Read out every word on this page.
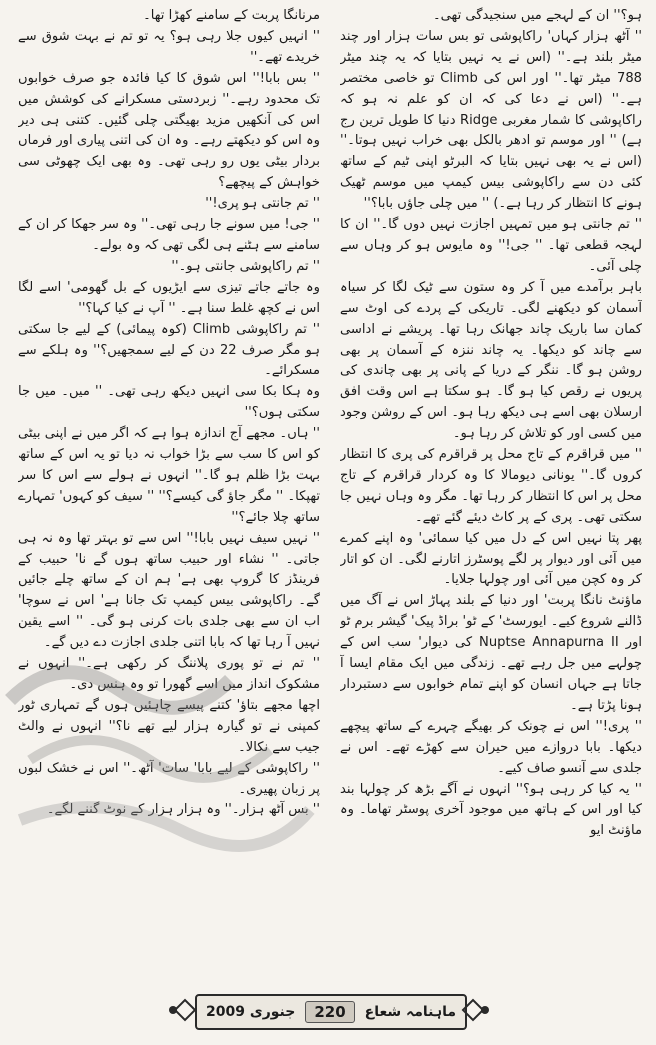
ہو؟'' ان کے لہجے میں سنجیدگی تھی۔

'' آٹھ ہزار کہاں' راکاپوشی تو بس سات ہزار اور چند میٹر بلند ہے۔'' (اس نے یہ نہیں بتایا کہ یہ چند میٹر 788 میٹر تھا۔'' اور اس کی Climb تو خاصی مختصر ہے۔'' (اس نے دعا کی کہ ان کو علم نہ ہو کہ راکاپوشی کا شمار مغربی Ridge دنیا کا طویل ترین رج ہے) '' اور موسم تو ادھر بالکل بھی خراب نہیں ہوتا۔'' (اس نے یہ بھی نہیں بتایا کہ البرٹو اپنی ٹیم کے ساتھ کئی دن سے راکاپوشی بیس کیمپ میں موسم ٹھیک ہونے کا انتظار کر رہا ہے۔) '' میں چلی جاؤں بابا؟''

'' تم جانتی ہو میں تمہیں اجازت نہیں دوں گا۔'' ان کا لہجہ قطعی تھا۔ '' جی!'' وہ مایوس ہو کر وہاں سے چلی آئی۔

باہر برآمدے میں آ کر وہ ستون سے ٹیک لگا کر سیاہ آسمان کو دیکھنے لگی۔ تاریکی کے پردے کی اوٹ سے کمان سا باریک چاند جھانک رہا تھا۔ پریشے نے اداسی سے چاند کو دیکھا۔ یہ چاند ننزہ کے آسمان پر بھی روشن ہو گا۔ ننگر کے دریا کے پانی پر بھی چاندی کی پریوں نے رقص کیا ہو گا۔ ہو سکتا ہے اس وقت افق ارسلان بھی اسے ہی دیکھ رہا ہو۔ اس کے روشن وجود میں کسی اور کو تلاش کر رہا ہو۔

'' میں قراقرم کے تاج محل پر قراقرم کی پری کا انتظار کروں گا۔'' یونانی دیومالا کا وہ کردار قراقرم کے تاج محل پر اس کا انتظار کر رہا تھا۔ مگر وہ وہاں نہیں جا سکتی تھی۔ پری کے پر کاٹ دیئے گئے تھے۔

پھر پتا نہیں اس کے دل میں کیا سمائی' وہ اپنے کمرے میں آئی اور دیوار پر لگے پوسٹرز اتارنے لگی۔ ان کو اتار کر وہ کچن میں آئی اور چولہا جلایا۔

ماؤنٹ نانگا پربت' اور دنیا کے بلند پہاڑ اس نے آگ میں ڈالنے شروع کیے۔ ایورسٹ' کے ٹو' براڈ پیک' گیشر برم ٹو اور Nuptse Annapurna II کی دیوار' سب اس کے چولہے میں جل رہے تھے۔ زندگی میں ایک مقام ایسا آ جاتا ہے جہاں انسان کو اپنے تمام خوابوں سے دستبردار ہونا پڑتا ہے۔

'' پری!'' اس نے چونک کر بھیگے چہرے کے ساتھ پیچھے دیکھا۔ بابا دروازے میں حیران سے کھڑے تھے۔ اس نے جلدی سے آنسو صاف کیے۔

'' یہ کیا کر رہی ہو؟'' انہوں نے آگے بڑھ کر چولہا بند کیا اور اس کے ہاتھ میں موجود آخری پوسٹر تھاما۔ وہ ماؤنٹ ایو

مرنانگا پربت کے سامنے کھڑا تھا۔

'' انہیں کیوں جلا رہی ہو؟ یہ تو تم نے بہت شوق سے خریدے تھے۔''

'' بس بابا!'' اس شوق کا کیا فائدہ جو صرف خوابوں تک محدود رہے۔'' زبردستی مسکرانے کی کوشش میں اس کی آنکھیں مزید بھیگتی چلی گئیں۔ کتنی ہی دیر وہ اس کو دیکھتے رہے۔ وہ ان کی اتنی پیاری اور فرماں بردار بیٹی یوں رو رہی تھی۔ وہ بھی ایک چھوٹی سی خواہش کے پیچھے؟

'' تم جانتی ہو پری!''

'' جی! میں سونے جا رہی تھی۔'' وہ سر جھکا کر ان کے سامنے سے ہٹنے ہی لگی تھی کہ وہ بولے۔

'' تم راکاپوشی جانتی ہو۔''

وہ جاتے جاتے تیزی سے ایڑیوں کے بل گھومی' اسے لگا اس نے کچھ غلط سنا ہے۔ '' آپ نے کیا کہا؟''

'' تم راکاپوشی Climb (کوہ پیمائی) کے لیے جا سکتی ہو مگر صرف 22 دن کے لیے سمجھیں؟'' وہ ہلکے سے مسکرائے۔

وہ ہکا بکا سی انہیں دیکھ رہی تھی۔ '' میں۔ میں جا سکتی ہوں؟''

'' ہاں۔ مجھے آج اندازہ ہوا ہے کہ اگر میں نے اپنی بیٹی کو اس کا سب سے بڑا خواب نہ دیا تو یہ اس کے ساتھ بہت بڑا ظلم ہو گا۔'' انہوں نے ہولے سے اس کا سر تھپکا۔ '' مگر جاؤ گی کیسے؟'' '' سیف کو کہوں' تمہارے ساتھ چلا جائے؟''

'' نہیں سیف نہیں بابا!'' اس سے تو بہتر تھا وہ نہ ہی جاتی۔ '' نشاء اور حبیب ساتھ ہوں گے نا' حبیب کے فرینڈز کا گروپ بھی ہے' ہم ان کے ساتھ چلے جائیں گے۔ راکاپوشی بیس کیمپ تک جانا ہے' اس نے سوچا' اب ان سے بھی جلدی بات کرنی ہو گی۔ '' اسے یقین نہیں آ رہا تھا کہ بابا اتنی جلدی اجازت دے دیں گے۔

'' تم نے تو پوری پلاننگ کر رکھی ہے۔'' انہوں نے مشکوک انداز میں اسے گھورا تو وہ ہنس دی۔

اچھا مجھے بتاؤ' کتنے پیسے چاہئیں ہوں گے تمہاری ٹور کمپنی نے تو گیارہ ہزار لیے تھے نا؟'' انہوں نے والٹ جیب سے نکالا۔

'' راکاپوشی کے لیے بابا' سات' آٹھ۔'' اس نے خشک لبوں پر زبان پھیری۔

'' بس آٹھ ہزار۔'' وہ ہزار ہزار کے نوٹ گننے لگے۔

ماہنامہ شعاع
220
جنوری 2009
